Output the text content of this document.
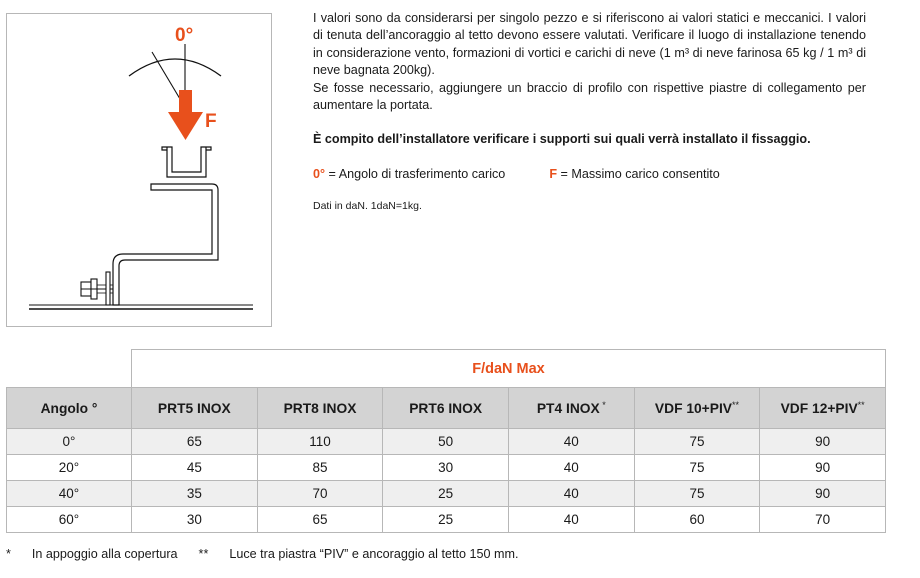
0°
F

I valori sono da considerarsi per singolo pezzo e si riferiscono ai valori statici e meccanici. I valori di tenuta dell’ancoraggio al tetto devono essere valutati. Verificare il luogo di installazione tenendo in considerazione vento, formazioni di vortici e carichi di neve (1 m³ di neve farinosa 65 kg / 1 m³ di neve bagnata 200kg).

Se fosse necessario, aggiungere un braccio di profilo con rispettive piastre di collegamento per aumentare la portata.

È compito dell’installatore verificare i supporti sui quali verrà installato il fissaggio.

0° = Angolo di trasferimento carico	F = Massimo carico consentito
Dati in daN. 1daN=1kg.
	F/daN Max					
Angolo °	PRT5 INOX	PRT8 INOX	PRT6 INOX	PT4 INOX *	VDF 10+PIV**	VDF 12+PIV**
0°	65	110	50	40	75	90
20°	45	85	30	40	75	90
40°	35	70	25	40	75	90
60°	30	65	25	40	60	70
* In appoggio alla copertura ** Luce tra piastra “PIV” e ancoraggio al tetto 150 mm.
